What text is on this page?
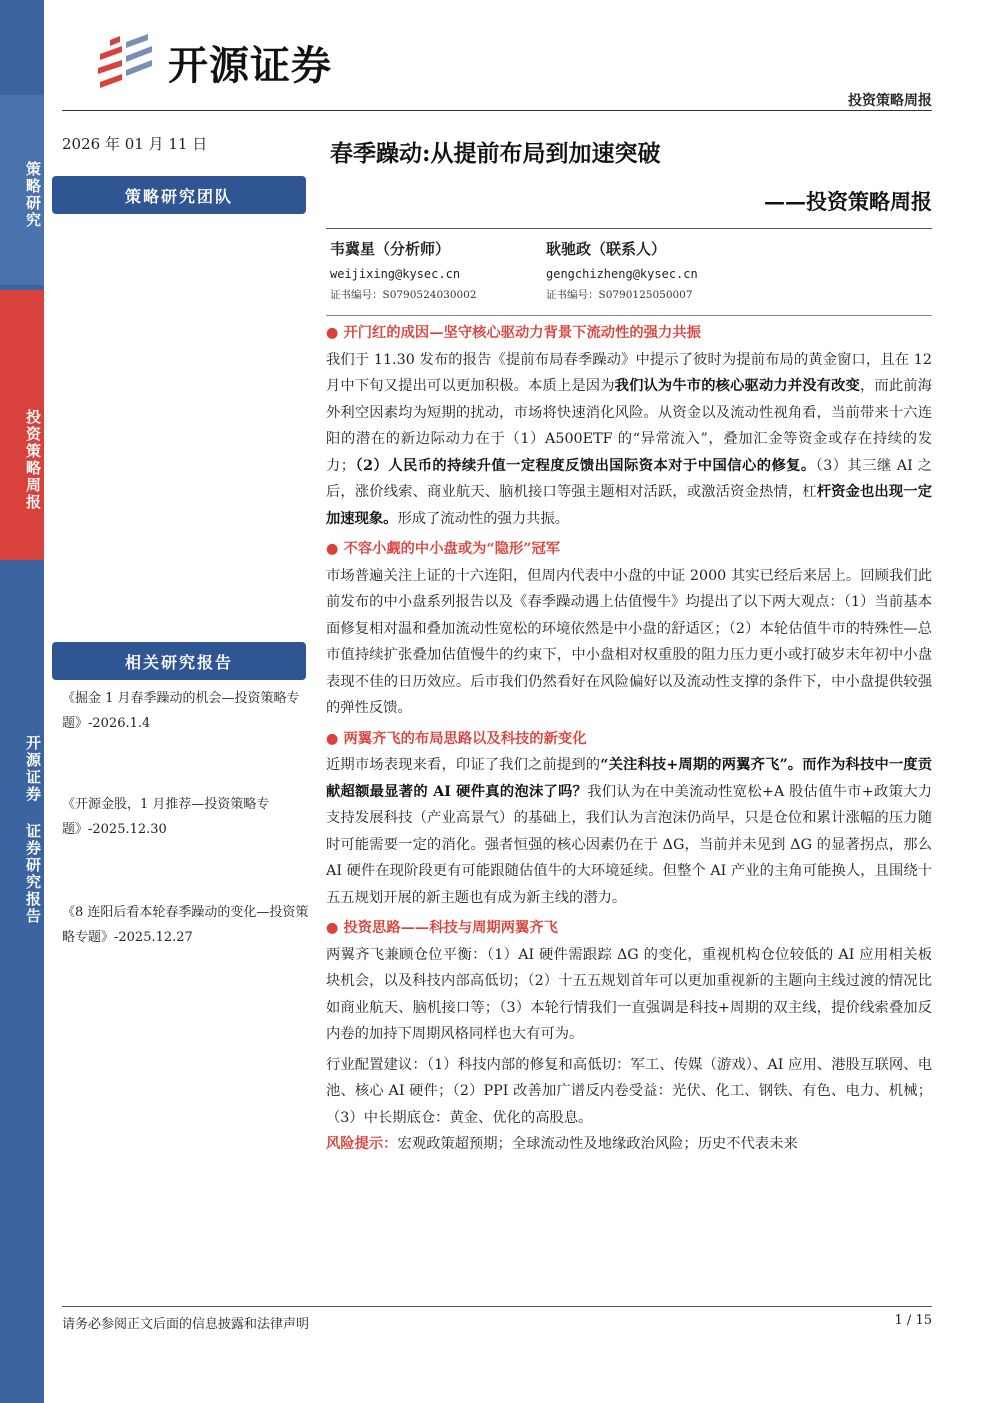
策略研究
投资策略周报
开源证券 证券研究报告
开源证券
投资策略周报
2026 年 01 月 11 日
策略研究团队
春季躁动:从提前布局到加速突破
——投资策略周报
韦冀星（分析师）
weijixing@kysec.cn
证书编号：S0790524030002
耿驰政（联系人）
gengchizheng@kysec.cn
证书编号：S0790125050007

● 开门红的成因—坚守核心驱动力背景下流动性的强力共振

我们于 11.30 发布的报告《提前布局春季躁动》中提示了彼时为提前布局的黄金窗口，且在 12 月中下旬又提出可以更加积极。本质上是因为我们认为牛市的核心驱动力并没有改变，而此前海外利空因素均为短期的扰动，市场将快速消化风险。从资金以及流动性视角看，当前带来十六连阳的潜在的新边际动力在于（1）A500ETF 的“异常流入”，叠加汇金等资金或存在持续的发力；（2）人民币的持续升值一定程度反馈出国际资本对于中国信心的修复。（3）其三继 AI 之后，涨价线索、商业航天、脑机接口等强主题相对活跃，或激活资金热情，杠杆资金也出现一定加速现象。形成了流动性的强力共振。

● 不容小觑的中小盘或为“隐形”冠军

市场普遍关注上证的十六连阳，但周内代表中小盘的中证 2000 其实已经后来居上。回顾我们此前发布的中小盘系列报告以及《春季躁动遇上估值慢牛》均提出了以下两大观点：（1）当前基本面修复相对温和叠加流动性宽松的环境依然是中小盘的舒适区；（2）本轮估值牛市的特殊性—总市值持续扩张叠加估值慢牛的约束下，中小盘相对权重股的阻力压力更小或打破岁末年初中小盘表现不佳的日历效应。后市我们仍然看好在风险偏好以及流动性支撑的条件下，中小盘提供较强的弹性反馈。

● 两翼齐飞的布局思路以及科技的新变化

近期市场表现来看，印证了我们之前提到的“关注科技+周期的两翼齐飞”。而作为科技中一度贡献超额最显著的 AI 硬件真的泡沫了吗？我们认为在中美流动性宽松+A 股估值牛市+政策大力支持发展科技（产业高景气）的基础上，我们认为言泡沫仍尚早，只是仓位和累计涨幅的压力随时可能需要一定的消化。强者恒强的核心因素仍在于 ΔG，当前并未见到 ΔG 的显著拐点，那么 AI 硬件在现阶段更有可能跟随估值牛的大环境延续。但整个 AI 产业的主角可能换人，且围绕十五五规划开展的新主题也有成为新主线的潜力。

● 投资思路——科技与周期两翼齐飞

两翼齐飞兼顾仓位平衡：（1）AI 硬件需跟踪 ΔG 的变化，重视机构仓位较低的 AI 应用相关板块机会，以及科技内部高低切；（2）十五五规划首年可以更加重视新的主题向主线过渡的情况比如商业航天、脑机接口等；（3）本轮行情我们一直强调是科技+周期的双主线，提价线索叠加反内卷的加持下周期风格同样也大有可为。

行业配置建议：（1）科技内部的修复和高低切：军工、传媒（游戏）、AI 应用、港股互联网、电池、核心 AI 硬件；（2）PPI 改善加广谱反内卷受益：光伏、化工、钢铁、有色、电力、机械；（3）中长期底仓：黄金、优化的高股息。

风险提示：宏观政策超预期；全球流动性及地缘政治风险；历史不代表未来

相关研究报告
《掘金 1 月春季躁动的机会—投资策略专题》-2026.1.4
《开源金股，1 月推荐—投资策略专题》-2025.12.30
《8 连阳后看本轮春季躁动的变化—投资策略专题》-2025.12.27
请务必参阅正文后面的信息披露和法律声明	1 / 15
